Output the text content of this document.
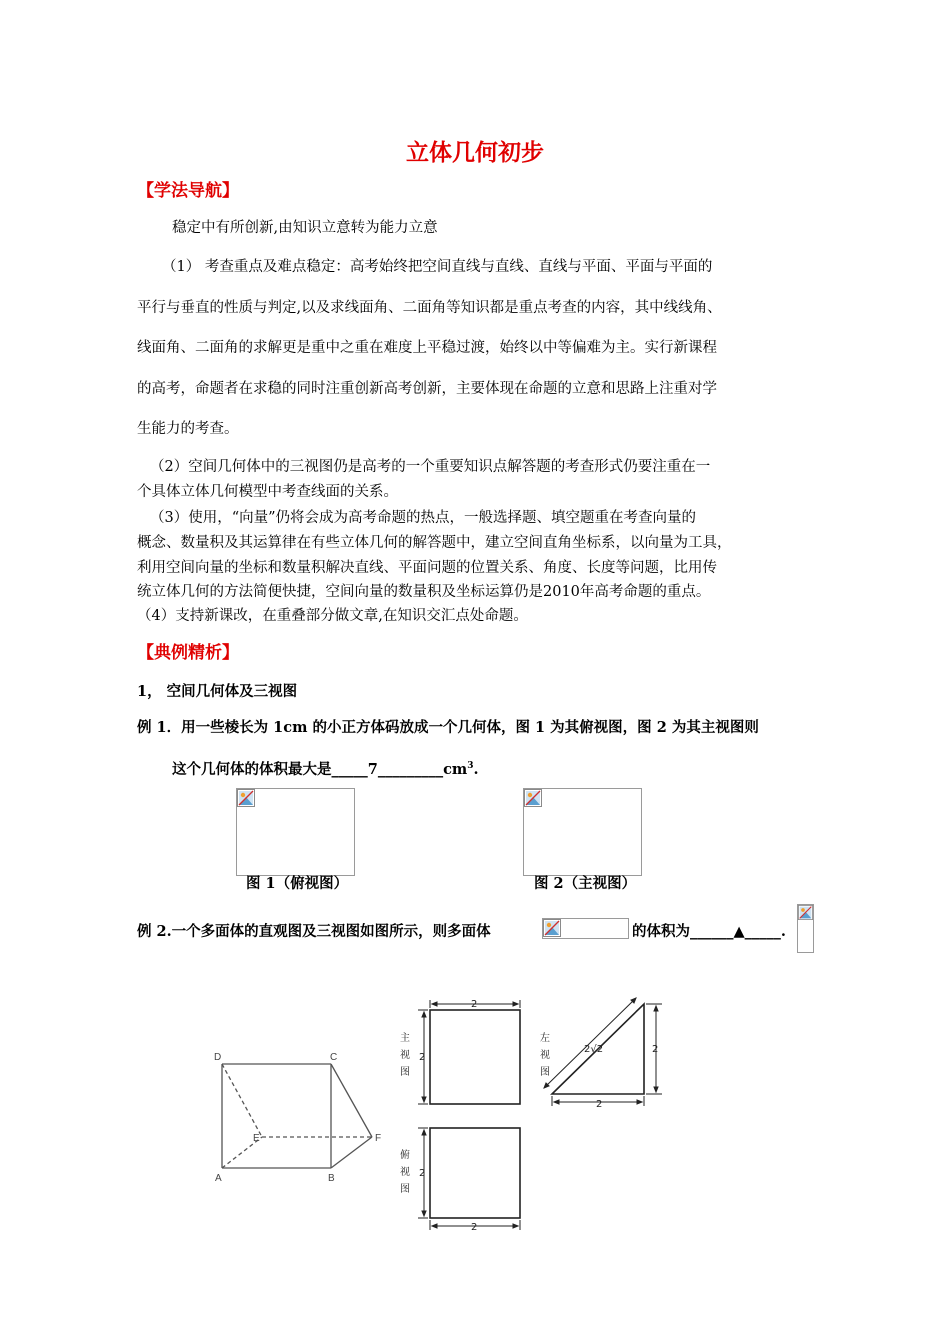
立体几何初步
【学法导航】
稳定中有所创新,由知识立意转为能力立意
（1） 考查重点及难点稳定：高考始终把空间直线与直线、直线与平面、平面与平面的
平行与垂直的性质与判定,以及求线面角、二面角等知识都是重点考查的内容，其中线线角、
线面角、二面角的求解更是重中之重在难度上平稳过渡，始终以中等偏难为主。实行新课程
的高考，命题者在求稳的同时注重创新高考创新，主要体现在命题的立意和思路上注重对学
生能力的考查。
（2）空间几何体中的三视图仍是高考的一个重要知识点解答题的考查形式仍要注重在一
个具体立体几何模型中考查线面的关系。
（3）使用，“向量”仍将会成为高考命题的热点，一般选择题、填空题重在考查向量的
概念、数量积及其运算律在有些立体几何的解答题中，建立空间直角坐标系，以向量为工具，
利用空间向量的坐标和数量积解决直线、平面问题的位置关系、角度、长度等问题，比用传
统立体几何的方法简便快捷，空间向量的数量积及坐标运算仍是2010年高考命题的重点。
（4）支持新课改，在重叠部分做文章,在知识交汇点处命题。
【典例精析】
1， 空间几何体及三视图
例 1．用一些棱长为 1cm 的小正方体码放成一个几何体，图 1 为其俯视图，图 2 为其主视图则
这个几何体的体积最大是$\_\_\_\_\_7\_\_\_\_\_\_\_\_\_cm^3$.
图 1（俯视图）	图 2（主视图）
例 2.一个多面体的直观图及三视图如图所示，则多面体	的体积为______▲_____.
D	C
E	F
A	B
2
2
主
视
图
左
视
图
2√2	2
2
2
2
俯
视
图
